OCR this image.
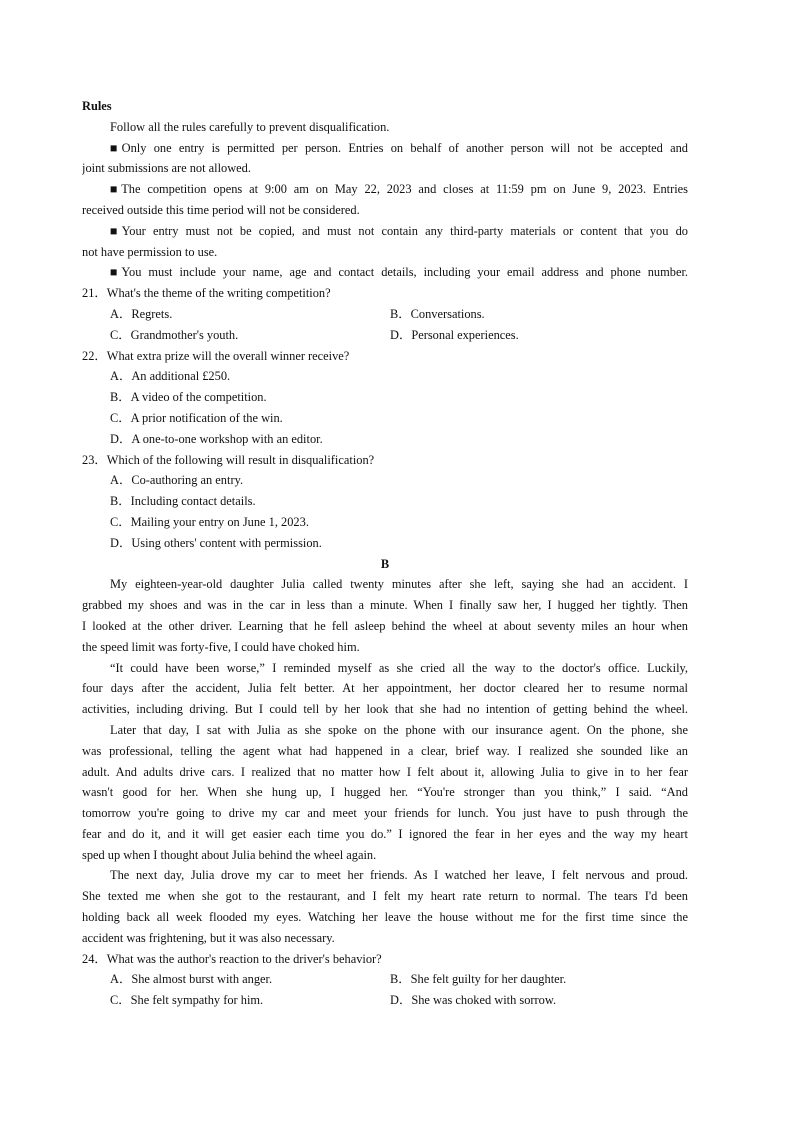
Rules
Follow all the rules carefully to prevent disqualification.
■Only one entry is permitted per person. Entries on behalf of another person will not be accepted and
joint submissions are not allowed.
■The competition opens at 9:00 am on May 22, 2023 and closes at 11:59 pm on June 9, 2023. Entries
received outside this time period will not be considered.
■Your entry must not be copied, and must not contain any third-party materials or content that you do
not have permission to use.
■You must include your name, age and contact details, including your email address and phone number.
21．What's the theme of the writing competition?
A．Regrets.	B．Conversations.
C．Grandmother's youth.	D．Personal experiences.
22．What extra prize will the overall winner receive?
A．An additional £250.
B．A video of the competition.
C．A prior notification of the win.
D．A one-to-one workshop with an editor.
23．Which of the following will result in disqualification?
A．Co-authoring an entry.
B．Including contact details.
C．Mailing your entry on June 1, 2023.
D．Using others' content with permission.
B
My eighteen-year-old daughter Julia called twenty minutes after she left, saying she had an accident. I
grabbed my shoes and was in the car in less than a minute. When I finally saw her, I hugged her tightly. Then
I looked at the other driver. Learning that he fell asleep behind the wheel at about seventy miles an hour when
the speed limit was forty-five, I could have choked him.
“It could have been worse,” I reminded myself as she cried all the way to the doctor's office. Luckily,
four days after the accident, Julia felt better. At her appointment, her doctor cleared her to resume normal
activities, including driving. But I could tell by her look that she had no intention of getting behind the wheel.
Later that day, I sat with Julia as she spoke on the phone with our insurance agent. On the phone, she
was professional, telling the agent what had happened in a clear, brief way. I realized she sounded like an
adult. And adults drive cars. I realized that no matter how I felt about it, allowing Julia to give in to her fear
wasn't good for her. When she hung up, I hugged her. “You're stronger than you think,” I said. “And
tomorrow you're going to drive my car and meet your friends for lunch. You just have to push through the
fear and do it, and it will get easier each time you do.” I ignored the fear in her eyes and the way my heart
sped up when I thought about Julia behind the wheel again.
The next day, Julia drove my car to meet her friends. As I watched her leave, I felt nervous and proud.
She texted me when she got to the restaurant, and I felt my heart rate return to normal. The tears I'd been
holding back all week flooded my eyes. Watching her leave the house without me for the first time since the
accident was frightening, but it was also necessary.
24．What was the author's reaction to the driver's behavior?
A．She almost burst with anger.	B．She felt guilty for her daughter.
C．She felt sympathy for him.	D．She was choked with sorrow.
